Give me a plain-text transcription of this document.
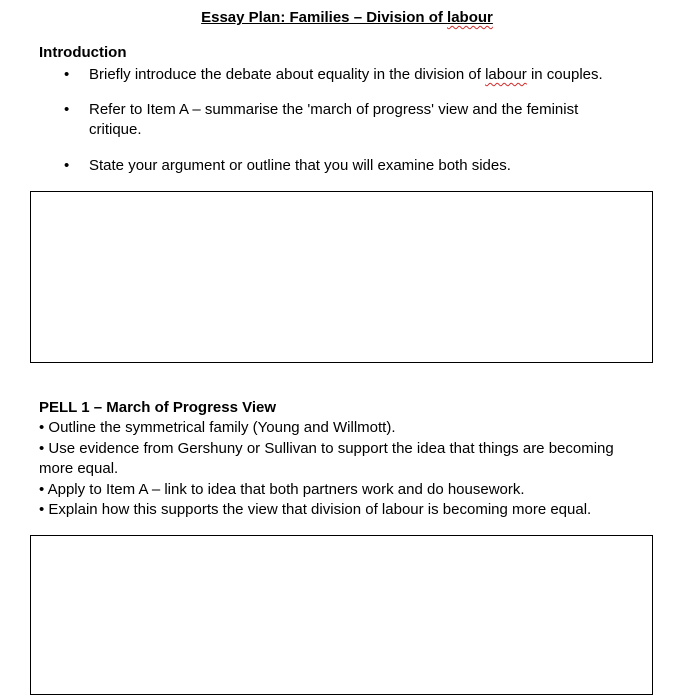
Essay Plan: Families – Division of labour
Introduction
•	Briefly introduce the debate about equality in the division of labour in couples.
•	Refer to Item A – summarise the 'march of progress' view and the feminist critique.
•	State your argument or outline that you will examine both sides.
PELL 1 – March of Progress View
• Outline the symmetrical family (Young and Willmott).
• Use evidence from Gershuny or Sullivan to support the idea that things are becoming more equal.
• Apply to Item A – link to idea that both partners work and do housework.
• Explain how this supports the view that division of labour is becoming more equal.
